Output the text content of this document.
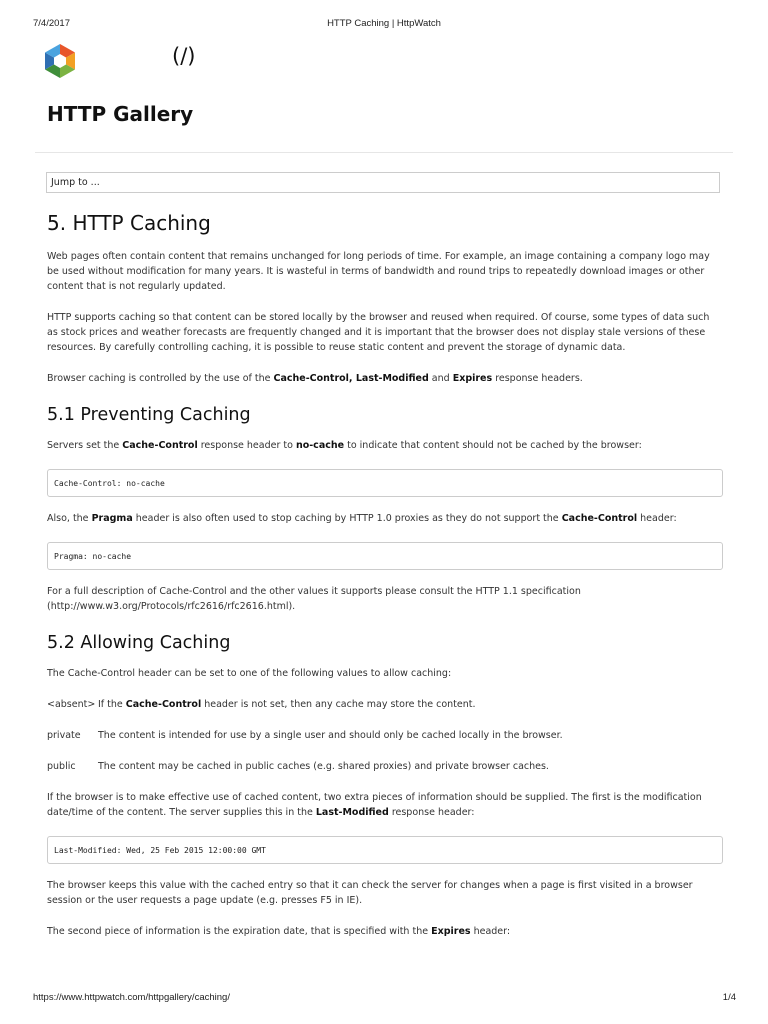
7/4/2017	HTTP Caching | HttpWatch
(/)
HTTP Gallery
Jump to ...
5. HTTP Caching

Web pages often contain content that remains unchanged for long periods of time. For example, an image containing a company logo may be used without modification for many years. It is wasteful in terms of bandwidth and round trips to repeatedly download images or other content that is not regularly updated.

HTTP supports caching so that content can be stored locally by the browser and reused when required. Of course, some types of data such as stock prices and weather forecasts are frequently changed and it is important that the browser does not display stale versions of these resources. By carefully controlling caching, it is possible to reuse static content and prevent the storage of dynamic data.

Browser caching is controlled by the use of the Cache-Control, Last-Modified and Expires response headers.

5.1 Preventing Caching

Servers set the Cache-Control response header to no-cache to indicate that content should not be cached by the browser:

Cache-Control: no-cache

Also, the Pragma header is also often used to stop caching by HTTP 1.0 proxies as they do not support the Cache-Control header:

Pragma: no-cache

For a full description of Cache-Control and the other values it supports please consult the HTTP 1.1 specification (http://www.w3.org/Protocols/rfc2616/rfc2616.html).

5.2 Allowing Caching

The Cache-Control header can be set to one of the following values to allow caching:

<absent> If the Cache-Control header is not set, then any cache may store the content.
private	The content is intended for use by a single user and should only be cached locally in the browser.
public	The content may be cached in public caches (e.g. shared proxies) and private browser caches.

If the browser is to make effective use of cached content, two extra pieces of information should be supplied. The first is the modification date/time of the content. The server supplies this in the Last-Modified response header:

Last-Modified: Wed, 25 Feb 2015 12:00:00 GMT

The browser keeps this value with the cached entry so that it can check the server for changes when a page is first visited in a browser session or the user requests a page update (e.g. presses F5 in IE).

The second piece of information is the expiration date, that is specified with the Expires header:

https://www.httpwatch.com/httpgallery/caching/	1/4
